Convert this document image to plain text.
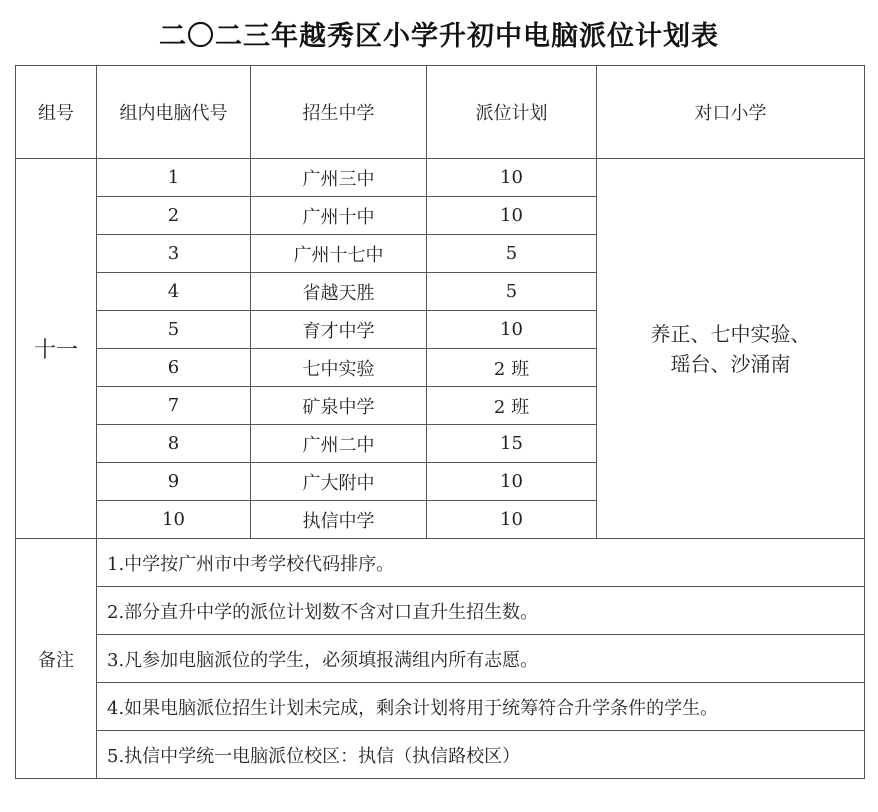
二〇二三年越秀区小学升初中电脑派位计划表
组号	组内电脑代号	招生中学	派位计划	对口小学
十一	1	广州三中	10	养正、七中实验、
瑶台、沙涌南

	2	广州十中	10	
	3	广州十七中	5	
	4	省越天胜	5	
	5	育才中学	10	
	6	七中实验	2 班	
	7	矿泉中学	2 班	
	8	广州二中	15	
	9	广大附中	10	
	10	执信中学	10	
备注	1.中学按广州市中考学校代码排序。			
	2.部分直升中学的派位计划数不含对口直升生招生数。			
	3.凡参加电脑派位的学生，必须填报满组内所有志愿。			
	4.如果电脑派位招生计划未完成，剩余计划将用于统筹符合升学条件的学生。			
	5.执信中学统一电脑派位校区：执信（执信路校区）			
